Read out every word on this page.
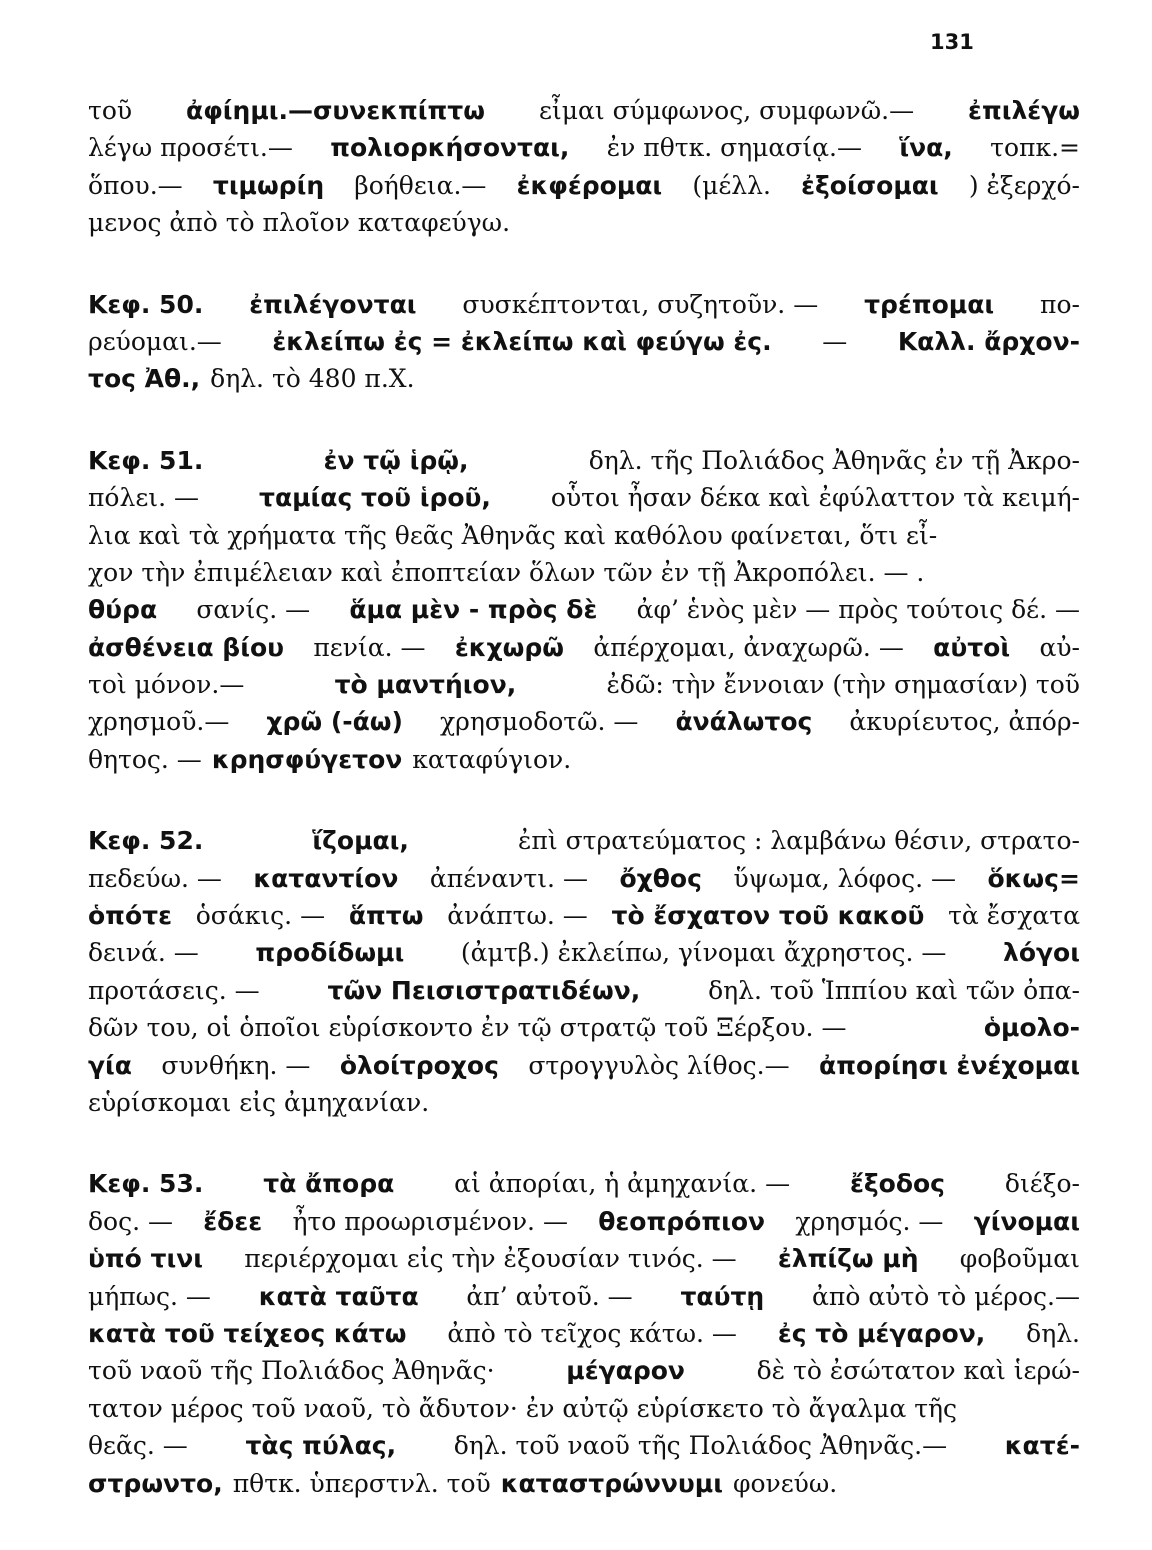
131
τοῦ ἀφίημι.—συνεκπίπτω εἶμαι σύμφωνος, συμφωνῶ.— ἐπιλέγω
λέγω προσέτι.— πολιορκήσονται, ἐν πθτκ. σημασίᾳ.— ἵνα, τοπκ.=
ὅπου.— τιμωρίη βοήθεια.— ἐκφέρομαι (μέλλ. ἐξοίσομαι ) ἐξερχό-
μενος ἀπὸ τὸ πλοῖον καταφεύγω.
Κεφ. 50. ἐπιλέγονται συσκέπτονται, συζητοῦν. — τρέπομαι πο-
ρεύομαι.— ἐκλείπω ἐς = ἐκλείπω καὶ φεύγω ἐς. — Καλλ. ἄρχον-
τος Ἀθ., δηλ. τὸ 480 π.Χ.
Κεφ. 51.	ἐν τῷ ἱρῷ,	δηλ. τῆς Πολιάδος Ἀθηνᾶς ἐν τῇ Ἀκρο-
πόλει. — ταμίας τοῦ ἱροῦ, οὗτοι ἦσαν δέκα καὶ ἐφύλαττον τὰ κειμή-
λια καὶ τὰ χρήματα τῆς θεᾶς Ἀθηνᾶς καὶ καθόλου φαίνεται, ὅτι εἶ-
χον τὴν ἐπιμέλειαν καὶ ἐποπτείαν ὅλων τῶν ἐν τῇ Ἀκροπόλει. — .
θύρα σανίς. — ἅμα μὲν - πρὸς δὲ ἀφ’ ἑνὸς μὲν — πρὸς τούτοις δέ. —
ἀσθένεια βίου πενία. — ἐκχωρῶ ἀπέρχομαι, ἀναχωρῶ. — αὐτοὶ αὐ-
τοὶ μόνον.—	τὸ μαντήιον,	ἐδῶ: τὴν ἔννοιαν (τὴν σημασίαν) τοῦ
χρησμοῦ.— χρῶ (-άω) χρησμοδοτῶ. — ἀνάλωτος ἀκυρίευτος, ἀπόρ-
θητος. — κρησφύγετον καταφύγιον.
Κεφ. 52.	ἵζομαι,	ἐπὶ στρατεύματος : λαμβάνω θέσιν, στρατο-
πεδεύω. — καταντίον ἀπέναντι. — ὄχθος ὕψωμα, λόφος. — ὅκως=
ὁπότε ὁσάκις. — ἅπτω ἀνάπτω. — τὸ ἔσχατον τοῦ κακοῦ τὰ ἔσχατα
δεινά. — προδίδωμι (ἀμτβ.) ἐκλείπω, γίνομαι ἄχρηστος. — λόγοι
προτάσεις. —	τῶν Πεισιστρατιδέων,	δηλ. τοῦ Ἱππίου καὶ τῶν ὀπα-
δῶν του, οἱ ὁποῖοι εὑρίσκοντο ἐν τῷ στρατῷ τοῦ Ξέρξου. —	ὁμολο-
γία συνθήκη. — ὁλοίτροχος στρογγυλὸς λίθος.— ἀπορίησι ἐνέχομαι
εὑρίσκομαι εἰς ἀμηχανίαν.
Κεφ. 53. τὰ ἄπορα αἱ ἀπορίαι, ἡ ἀμηχανία. — ἔξοδος διέξο-
δος. — ἔδεε ἦτο προωρισμένον. — θεοπρόπιον χρησμός. — γίνομαι
ὑπό τινι περιέρχομαι εἰς τὴν ἐξουσίαν τινός. — ἐλπίζω μὴ φοβοῦμαι
μήπως. — κατὰ ταῦτα ἀπ’ αὐτοῦ. — ταύτῃ ἀπὸ αὐτὸ τὸ μέρος.—
κατὰ τοῦ τείχεος κάτω ἀπὸ τὸ τεῖχος κάτω. — ἐς τὸ μέγαρον, δηλ.
τοῦ ναοῦ τῆς Πολιάδος Ἀθηνᾶς·	μέγαρον	δὲ τὸ ἐσώτατον καὶ ἱερώ-
τατον μέρος τοῦ ναοῦ, τὸ ἄδυτον· ἐν αὐτῷ εὑρίσκετο τὸ ἄγαλμα τῆς
θεᾶς. — τὰς πύλας, δηλ. τοῦ ναοῦ τῆς Πολιάδος Ἀθηνᾶς.— κατέ-
στρωντο, πθτκ. ὑπερστνλ. τοῦ καταστρώννυμι φονεύω.
